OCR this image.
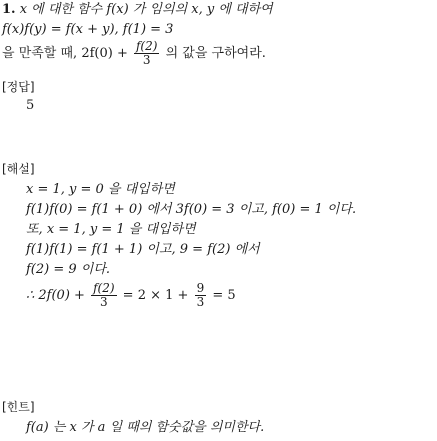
1. x 에 대한 함수 f(x) 가 임의의 x, y 에 대하여
f(x)f(y) = f(x + y), f(1) = 3
을 만족할 때, $2f(0) + \frac{f(2)}{3}$ 의 값을 구하여라.
[정답]
5
[해설]
x = 1, y = 0 을 대입하면
f(1)f(0) = f(1 + 0) 에서 3f(0) = 3 이고, f(0) = 1 이다.
또, x = 1, y = 1 을 대입하면
f(1)f(1) = f(1 + 1) 이고, 9 = f(2) 에서
f(2) = 9 이다.
∴ $2f(0) + \frac{f(2)}{3} = 2 \times 1 + \frac{9}{3} = 5$
[힌트]
f(a) 는 x 가 a 일 때의 함숫값을 의미한다.
